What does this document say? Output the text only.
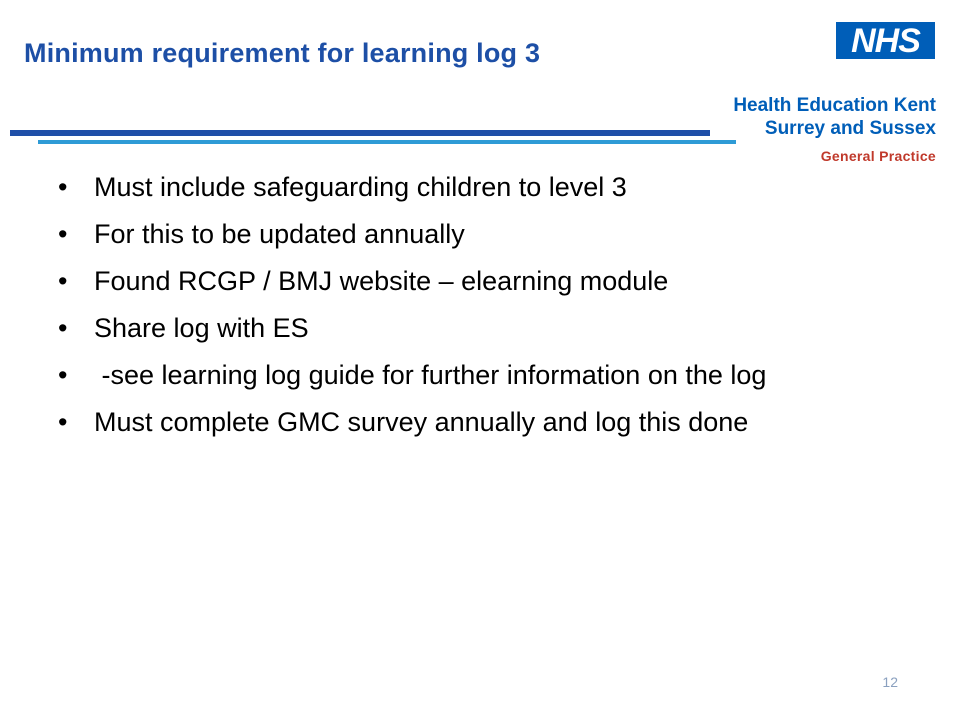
Minimum requirement for learning log 3	NHS
Health Education Kent
Surrey and Sussex
General Practice
• Must include safeguarding children to level 3
• For this to be updated annually
• Found RCGP / BMJ website – elearning module
• Share log with ES
• -see learning log guide for further information on the log
• Must complete GMC survey annually and log this done
12
